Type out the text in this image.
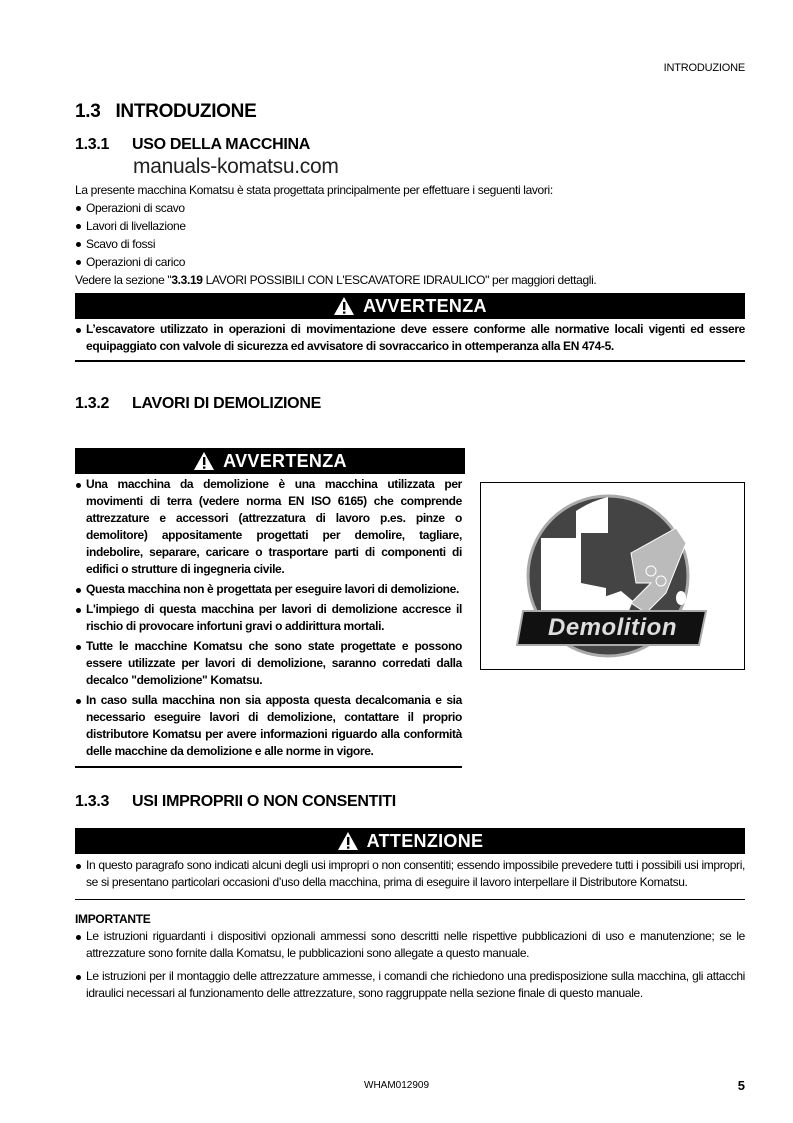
INTRODUZIONE
1.3 INTRODUZIONE
1.3.1 USO DELLA MACCHINA
manuals-komatsu.com
La presente macchina Komatsu è stata progettata principalmente per effettuare i seguenti lavori:
Operazioni di scavo
Lavori di livellazione
Scavo di fossi
Operazioni di carico
Vedere la sezione "3.3.19 LAVORI POSSIBILI CON L'ESCAVATORE IDRAULICO" per maggiori dettagli.
AVVERTENZA
L’escavatore utilizzato in operazioni di movimentazione deve essere conforme alle normative locali vigenti ed essere equipaggiato con valvole di sicurezza ed avvisatore di sovraccarico in ottemperanza alla EN 474-5.
1.3.2 LAVORI DI DEMOLIZIONE
AVVERTENZA
Una macchina da demolizione è una macchina utilizzata per movimenti di terra (vedere norma EN ISO 6165) che comprende attrezzature e accessori (attrezzatura di lavoro p.es. pinze o demolitore) appositamente progettati per demolire, tagliare, indebolire, separare, caricare o trasportare parti di componenti di edifici o strutture di ingegneria civile.
Questa macchina non è progettata per eseguire lavori di demolizione.
L'impiego di questa macchina per lavori di demolizione accresce il rischio di provocare infortuni gravi o addirittura mortali.
Tutte le macchine Komatsu che sono state progettate e possono essere utilizzate per lavori di demolizione, saranno corredati dalla decalco "demolizione" Komatsu.
In caso sulla macchina non sia apposta questa decalcomania e sia necessario eseguire lavori di demolizione, contattare il proprio distributore Komatsu per avere informazioni riguardo alla conformità delle macchine da demolizione e alle norme in vigore.
1.3.3 USI IMPROPRII O NON CONSENTITI
ATTENZIONE
In questo paragrafo sono indicati alcuni degli usi impropri o non consentiti; essendo impossibile prevedere tutti i possibili usi impropri, se si presentano particolari occasioni d’uso della macchina, prima di eseguire il lavoro interpellare il Distributore Komatsu.
IMPORTANTE
Le istruzioni riguardanti i dispositivi opzionali ammessi sono descritti nelle rispettive pubblicazioni di uso e manutenzione; se le attrezzature sono fornite dalla Komatsu, le pubblicazioni sono allegate a questo manuale.
Le istruzioni per il montaggio delle attrezzature ammesse, i comandi che richiedono una predisposizione sulla macchina, gli attacchi idraulici necessari al funzionamento delle attrezzature, sono raggruppate nella sezione finale di questo manuale.
Demolition
WHAM012909	5
